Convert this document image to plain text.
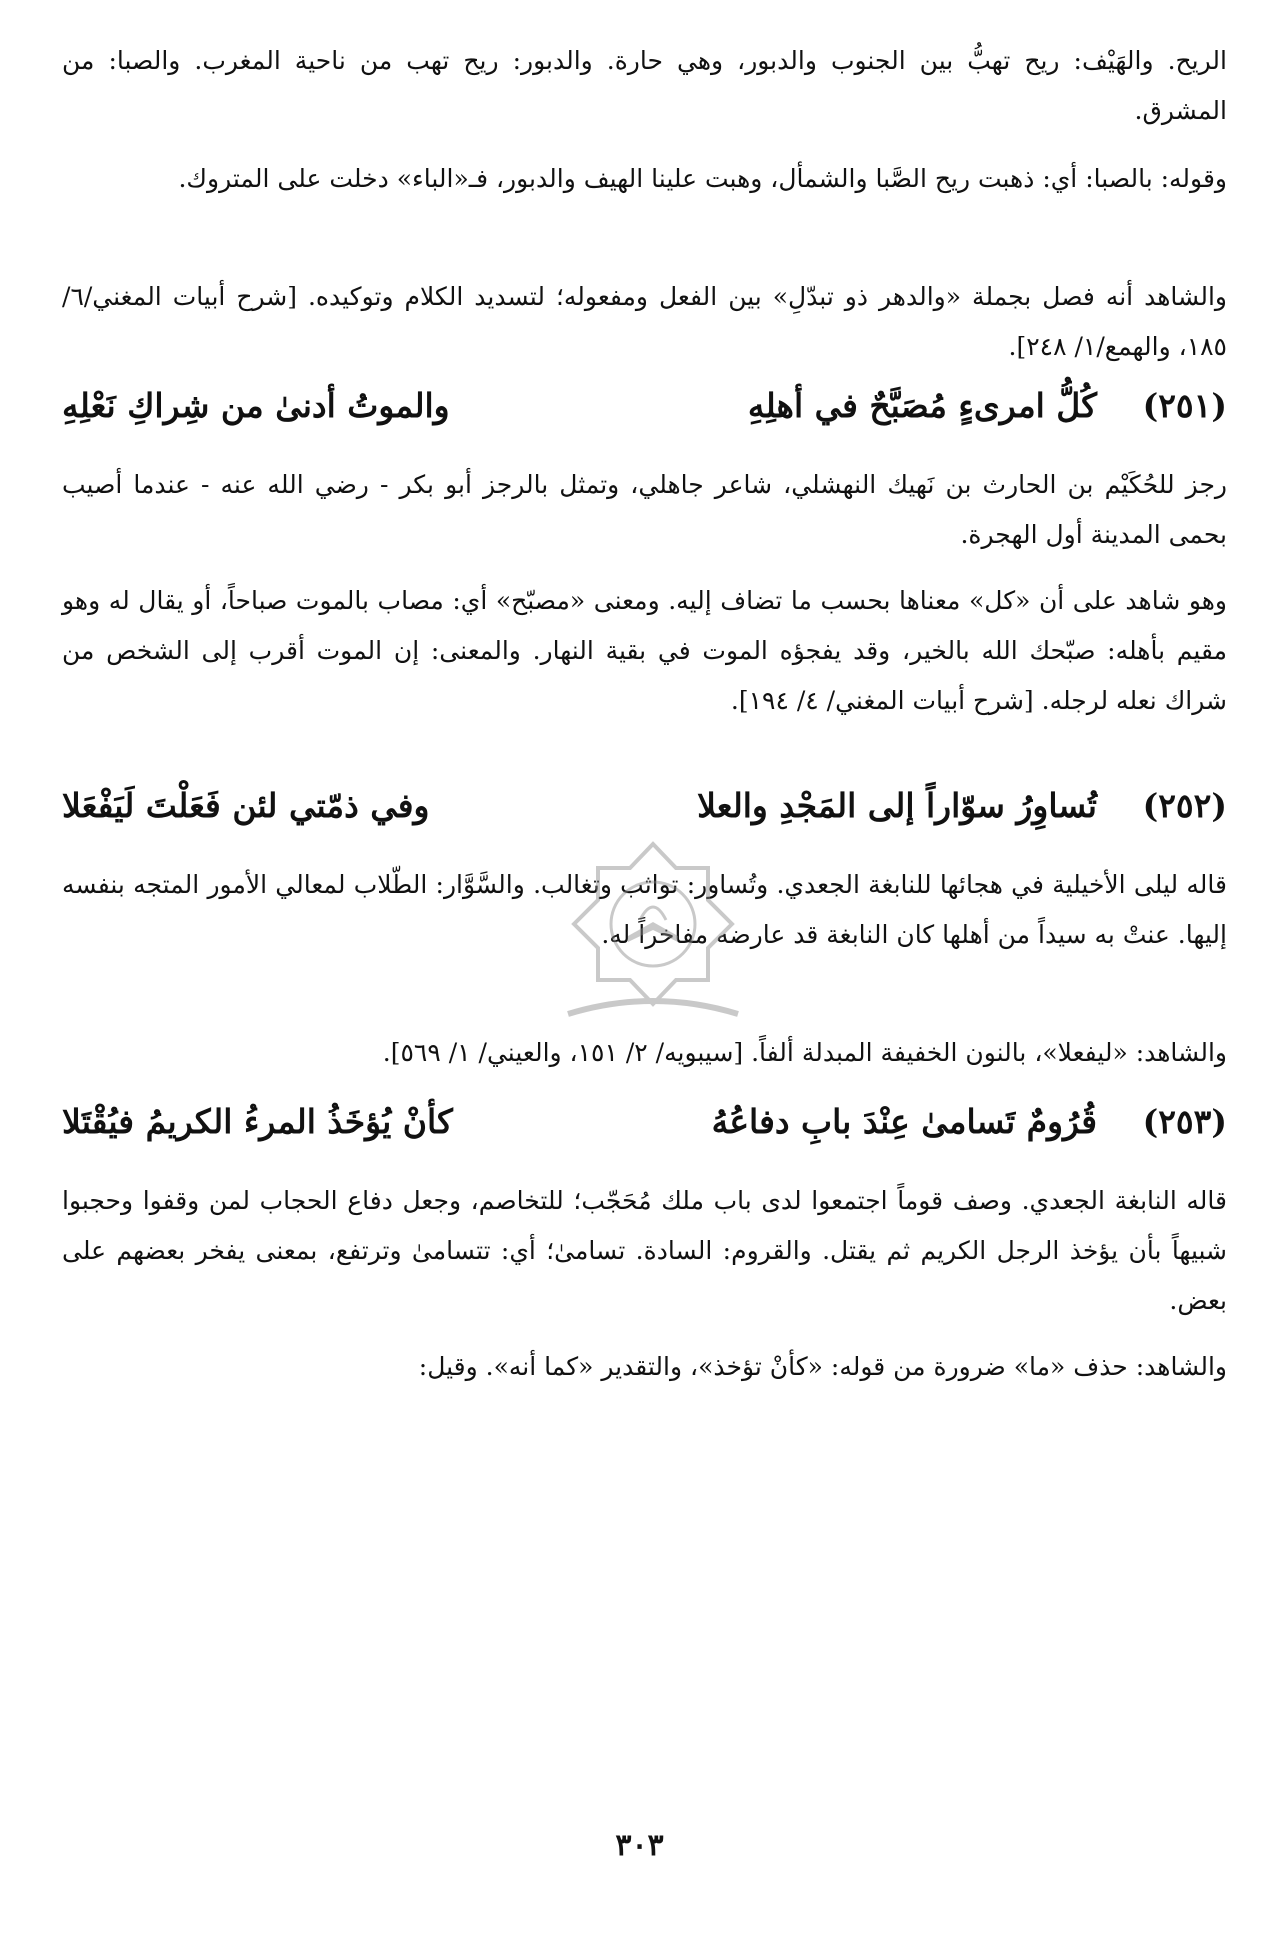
الريح. والهَيْف: ريح تهبُّ بين الجنوب والدبور، وهي حارة. والدبور: ريح تهب من ناحية المغرب. والصبا: من المشرق.

وقوله: بالصبا: أي: ذهبت ريح الصَّبا والشمأل، وهبت علينا الهيف والدبور، فـ«الباء» دخلت على المتروك.

والشاهد أنه فصل بجملة «والدهر ذو تبدّلِ» بين الفعل ومفعوله؛ لتسديد الكلام وتوكيده. [شرح أبيات المغني/٦/ ١٨٥، والهمع/١/ ٢٤٨].

(٢٥١)
كُلُّ امرىءٍ مُصَبَّحٌ في أهلِهِ
والموتُ أدنىٰ من شِراكِ نَعْلِهِ

رجز للحُكَيْم بن الحارث بن نَهيك النهشلي، شاعر جاهلي، وتمثل بالرجز أبو بكر - رضي الله عنه - عندما أصيب بحمى المدينة أول الهجرة.

وهو شاهد على أن «كل» معناها بحسب ما تضاف إليه. ومعنى «مصبّح» أي: مصاب بالموت صباحاً، أو يقال له وهو مقيم بأهله: صبّحك الله بالخير، وقد يفجؤه الموت في بقية النهار. والمعنى: إن الموت أقرب إلى الشخص من شراك نعله لرجله. [شرح أبيات المغني/ ٤/ ١٩٤].

(٢٥٢)
تُساوِرُ سوّاراً إلى المَجْدِ والعلا
وفي ذمّتي لئن فَعَلْتَ لَيَفْعَلا

قاله ليلى الأخيلية في هجائها للنابغة الجعدي. وتُساور: تواثب وتغالب. والسَّوَّار: الطّلاب لمعالي الأمور المتجه بنفسه إليها. عنتْ به سيداً من أهلها كان النابغة قد عارضه مفاخراً له.

والشاهد: «ليفعلا»، بالنون الخفيفة المبدلة ألفاً. [سيبويه/ ٢/ ١٥١، والعيني/ ١/ ٥٦٩].

(٢٥٣)
قُرُومٌ تَسامىٰ عِنْدَ بابِ دفاعُهُ
كأنْ يُؤخَذُ المرءُ الكريمُ فيُقْتَلا

قاله النابغة الجعدي. وصف قوماً اجتمعوا لدى باب ملك مُحَجّب؛ للتخاصم، وجعل دفاع الحجاب لمن وقفوا وحجبوا شبيهاً بأن يؤخذ الرجل الكريم ثم يقتل. والقروم: السادة. تسامىٰ؛ أي: تتسامىٰ وترتفع، بمعنى يفخر بعضهم على بعض.

والشاهد: حذف «ما» ضرورة من قوله: «كأنْ تؤخذ»، والتقدير «كما أنه». وقيل:

٣٠٣
